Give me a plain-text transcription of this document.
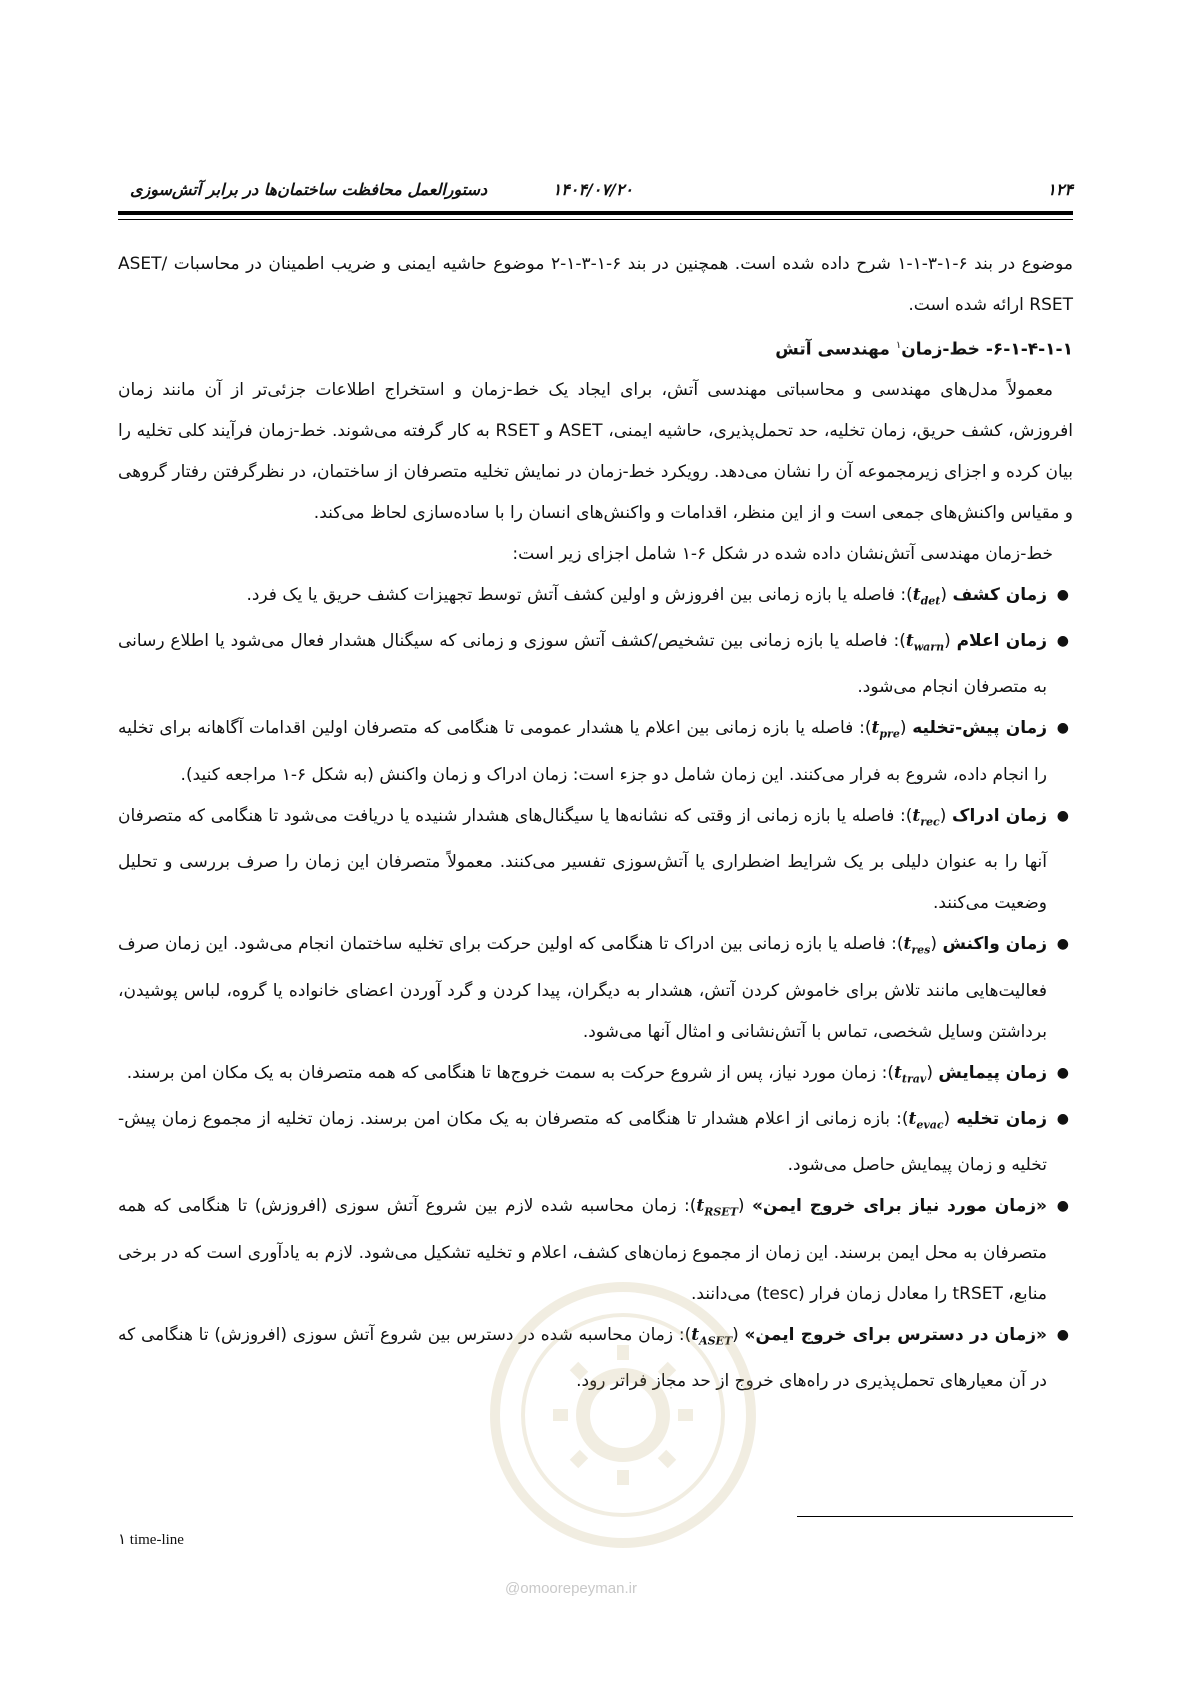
۱۲۴
۱۴۰۴/۰۷/۲۰
دستورالعمل محافظت ساختمان‌ها در برابر آتش‌سوزی

موضوع در بند ۶-۱-۳-۱-۱ شرح داده شده است. همچنین در بند ۶-۱-۳-۱-۲ موضوع حاشیه ایمنی و ضریب اطمینان در محاسبات ASET/ RSET ارائه شده است.

۶-۱-۴-۱-۱- خط-زمان$^۱$ مهندسی آتش

معمولاً مدل‌های مهندسی و محاسباتی مهندسی آتش، برای ایجاد یک خط-زمان و استخراج اطلاعات جزئی‌تر از آن مانند زمان افروزش، کشف حریق، زمان تخلیه، حد تحمل‌پذیری، حاشیه ایمنی، ASET و RSET به کار گرفته می‌شوند. خط-زمان فرآیند کلی تخلیه را بیان کرده و اجزای زیرمجموعه آن را نشان می‌دهد. رویکرد خط-زمان در نمایش تخلیه متصرفان از ساختمان، در نظرگرفتن رفتار گروهی و مقیاس واکنش‌های جمعی است و از این منظر، اقدامات و واکنش‌های انسان را با ساده‌سازی لحاظ می‌کند.

خط-زمان مهندسی آتش‌نشان داده شده در شکل ۶-۱ شامل اجزای زیر است:

●
زمان کشف $(t_{det})$: فاصله یا بازه زمانی بین افروزش و اولین کشف آتش توسط تجهیزات کشف حریق یا یک فرد.
●
زمان اعلام $(t_{warn})$: فاصله یا بازه زمانی بین تشخیص/کشف آتش سوزی و زمانی که سیگنال هشدار فعال می‌شود یا اطلاع رسانی به متصرفان انجام می‌شود.
●
زمان پیش-تخلیه $(t_{pre})$: فاصله یا بازه زمانی بین اعلام یا هشدار عمومی تا هنگامی که متصرفان اولین اقدامات آگاهانه برای تخلیه را انجام داده، شروع به فرار می‌کنند. این زمان شامل دو جزء است: زمان ادراک و زمان واکنش (به شکل ۶-۱ مراجعه کنید).
●
زمان ادراک $(t_{rec})$: فاصله یا بازه زمانی از وقتی که نشانه‌ها یا سیگنال‌های هشدار شنیده یا دریافت می‌شود تا هنگامی که متصرفان آنها را به عنوان دلیلی بر یک شرایط اضطراری یا آتش‌سوزی تفسیر می‌کنند. معمولاً متصرفان این زمان را صرف بررسی و تحلیل وضعیت می‌کنند.
●
زمان واکنش $(t_{res})$: فاصله یا بازه زمانی بین ادراک تا هنگامی که اولین حرکت برای تخلیه ساختمان انجام می‌شود. این زمان صرف فعالیت‌هایی مانند تلاش برای خاموش کردن آتش، هشدار به دیگران، پیدا کردن و گرد آوردن اعضای خانواده یا گروه، لباس پوشیدن، برداشتن وسایل شخصی، تماس با آتش‌نشانی و امثال آنها می‌شود.
●
زمان پیمایش $(t_{trav})$: زمان مورد نیاز، پس از شروع حرکت به سمت خروج‌ها تا هنگامی که همه متصرفان به یک مکان امن برسند.
●
زمان تخلیه $(t_{evac})$: بازه زمانی از اعلام هشدار تا هنگامی که متصرفان به یک مکان امن برسند. زمان تخلیه از مجموع زمان پیش-تخلیه و زمان پیمایش حاصل می‌شود.
●
«زمان مورد نیاز برای خروج ایمن» $(t_{RSET})$: زمان محاسبه شده لازم بین شروع آتش سوزی (افروزش) تا هنگامی که همه متصرفان به محل ایمن برسند. این زمان از مجموع زمان‌های کشف، اعلام و تخلیه تشکیل می‌شود. لازم به یادآوری است که در برخی منابع، tRSET را معادل زمان فرار (tesc) می‌دانند.
●
«زمان در دسترس برای خروج ایمن» $(t_{ASET})$: زمان محاسبه شده در دسترس بین شروع آتش سوزی (افروزش) تا هنگامی که در آن معیارهای تحمل‌پذیری در راه‌های خروج از حد مجاز فراتر رود.
@omoorepeyman.ir
۱ time-line
